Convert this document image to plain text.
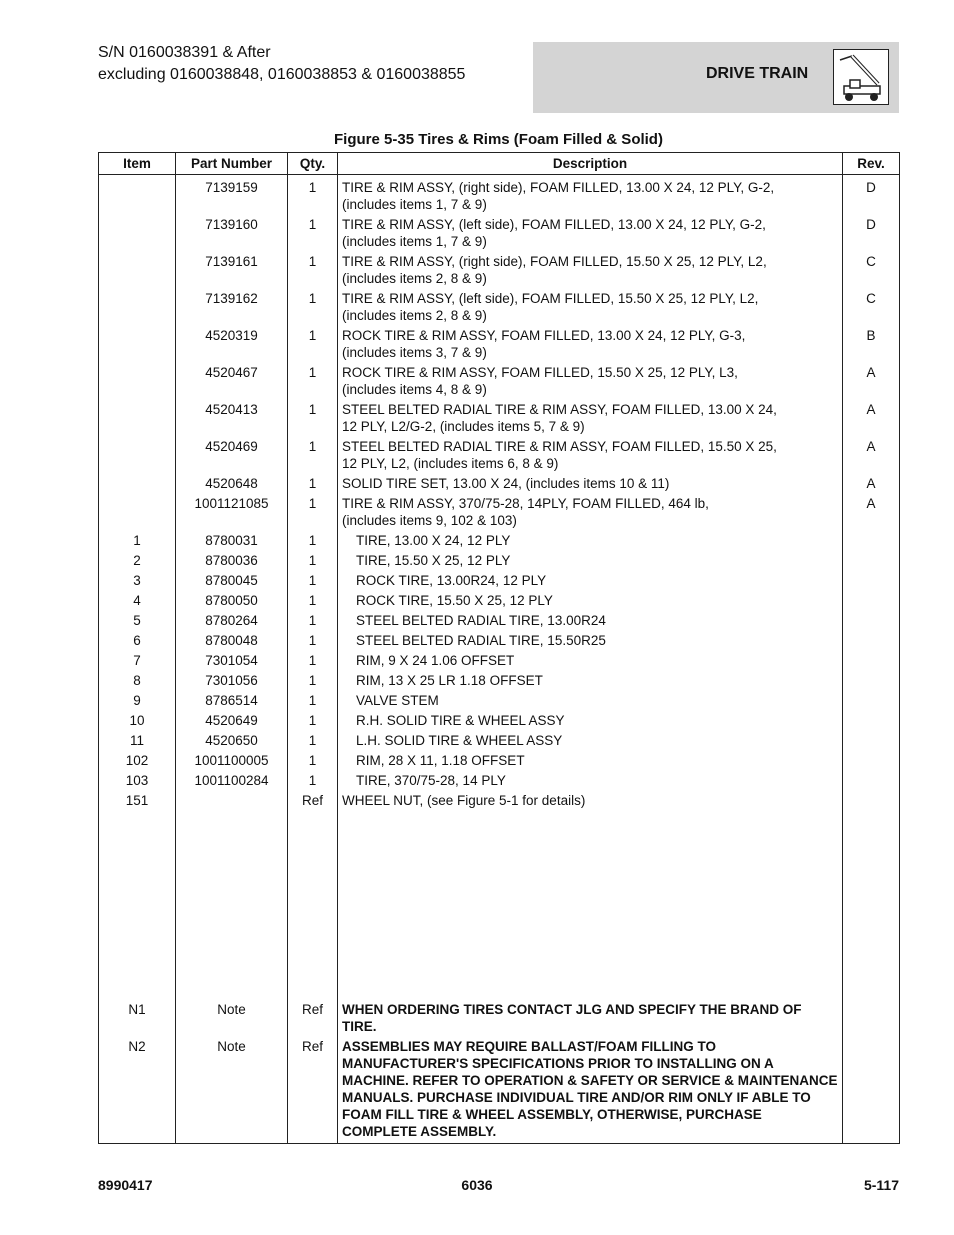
S/N 0160038391 & After
excluding 0160038848, 0160038853 & 0160038855	DRIVE TRAIN
Figure 5-35 Tires & Rims (Foam Filled & Solid)
Item	Part Number	Qty.	Description	Rev.
	7139159	1	TIRE & RIM ASSY, (right side), FOAM FILLED, 13.00 X 24, 12 PLY, G-2,
(includes items 1, 7 & 9)	D
	7139160	1	TIRE & RIM ASSY, (left side), FOAM FILLED, 13.00 X 24, 12 PLY, G-2,
(includes items 1, 7 & 9)	D
	7139161	1	TIRE & RIM ASSY, (right side), FOAM FILLED, 15.50 X 25, 12 PLY, L2,
(includes items 2, 8 & 9)	C
	7139162	1	TIRE & RIM ASSY, (left side), FOAM FILLED, 15.50 X 25, 12 PLY, L2,
(includes items 2, 8 & 9)	C
	4520319	1	ROCK TIRE & RIM ASSY, FOAM FILLED, 13.00 X 24, 12 PLY, G-3,
(includes items 3, 7 & 9)	B
	4520467	1	ROCK TIRE & RIM ASSY, FOAM FILLED, 15.50 X 25, 12 PLY, L3,
(includes items 4, 8 & 9)	A
	4520413	1	STEEL BELTED RADIAL TIRE & RIM ASSY, FOAM FILLED, 13.00 X 24,
12 PLY, L2/G-2, (includes items 5, 7 & 9)	A
	4520469	1	STEEL BELTED RADIAL TIRE & RIM ASSY, FOAM FILLED, 15.50 X 25,
12 PLY, L2, (includes items 6, 8 & 9)	A
	4520648	1	SOLID TIRE SET, 13.00 X 24, (includes items 10 & 11)	A
	1001121085	1	TIRE & RIM ASSY, 370/75-28, 14PLY, FOAM FILLED, 464 lb,
(includes items 9, 102 & 103)	A
1	8780031	1	TIRE, 13.00 X 24, 12 PLY	
2	8780036	1	TIRE, 15.50 X 25, 12 PLY	
3	8780045	1	ROCK TIRE, 13.00R24, 12 PLY	
4	8780050	1	ROCK TIRE, 15.50 X 25, 12 PLY	
5	8780264	1	STEEL BELTED RADIAL TIRE, 13.00R24	
6	8780048	1	STEEL BELTED RADIAL TIRE, 15.50R25	
7	7301054	1	RIM, 9 X 24 1.06 OFFSET	
8	7301056	1	RIM, 13 X 25 LR 1.18 OFFSET	
9	8786514	1	VALVE STEM	
10	4520649	1	R.H. SOLID TIRE & WHEEL ASSY	
11	4520650	1	L.H. SOLID TIRE & WHEEL ASSY	
102	1001100005	1	RIM, 28 X 11, 1.18 OFFSET	
103	1001100284	1	TIRE, 370/75-28, 14 PLY	
151		Ref	WHEEL NUT, (see Figure 5-1 for details)	

N1	Note	Ref	WHEN ORDERING TIRES CONTACT JLG AND SPECIFY THE BRAND OF TIRE.	
N2	Note	Ref	ASSEMBLIES MAY REQUIRE BALLAST/FOAM FILLING TO MANUFACTURER'S SPECIFICATIONS PRIOR TO INSTALLING ON A MACHINE. REFER TO OPERATION & SAFETY OR SERVICE & MAINTENANCE MANUALS. PURCHASE INDIVIDUAL TIRE AND/OR RIM ONLY IF ABLE TO FOAM FILL TIRE & WHEEL ASSEMBLY, OTHERWISE, PURCHASE COMPLETE ASSEMBLY.	
8990417	6036	5-117
